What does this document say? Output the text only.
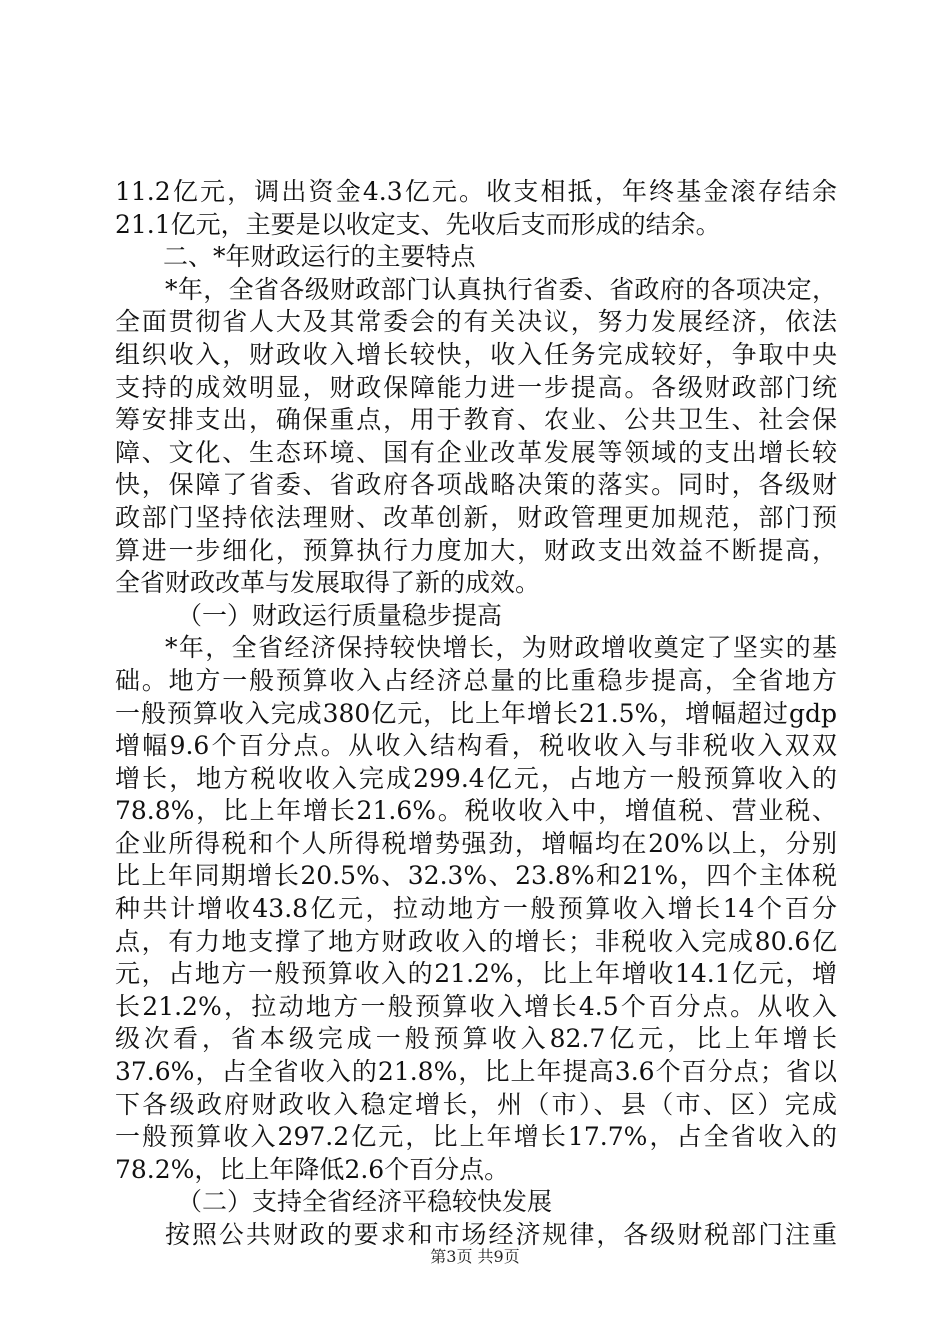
11.2亿元，调出资金4.3亿元。收支相抵，年终基金滚存结余
21.1亿元，主要是以收定支、先收后支而形成的结余。
二、*年财政运行的主要特点
*年，全省各级财政部门认真执行省委、省政府的各项决定，
全面贯彻省人大及其常委会的有关决议，努力发展经济，依法
组织收入，财政收入增长较快，收入任务完成较好，争取中央
支持的成效明显，财政保障能力进一步提高。各级财政部门统
筹安排支出，确保重点，用于教育、农业、公共卫生、社会保
障、文化、生态环境、国有企业改革发展等领域的支出增长较
快，保障了省委、省政府各项战略决策的落实。同时，各级财
政部门坚持依法理财、改革创新，财政管理更加规范，部门预
算进一步细化，预算执行力度加大，财政支出效益不断提高，
全省财政改革与发展取得了新的成效。
（一）财政运行质量稳步提高
*年，全省经济保持较快增长，为财政增收奠定了坚实的基
础。地方一般预算收入占经济总量的比重稳步提高，全省地方
一般预算收入完成380亿元，比上年增长21.5%，增幅超过gdp
增幅9.6个百分点。从收入结构看，税收收入与非税收入双双
增长，地方税收收入完成299.4亿元，占地方一般预算收入的
78.8%，比上年增长21.6%。税收收入中，增值税、营业税、
企业所得税和个人所得税增势强劲，增幅均在20%以上，分别
比上年同期增长20.5%、32.3%、23.8%和21%，四个主体税
种共计增收43.8亿元，拉动地方一般预算收入增长14个百分
点，有力地支撑了地方财政收入的增长；非税收入完成80.6亿
元，占地方一般预算收入的21.2%，比上年增收14.1亿元，增
长21.2%，拉动地方一般预算收入增长4.5个百分点。从收入
级次看，省本级完成一般预算收入82.7亿元，比上年增长
37.6%，占全省收入的21.8%，比上年提高3.6个百分点；省以
下各级政府财政收入稳定增长，州（市）、县（市、区）完成
一般预算收入297.2亿元，比上年增长17.7%，占全省收入的
78.2%，比上年降低2.6个百分点。
（二）支持全省经济平稳较快发展
按照公共财政的要求和市场经济规律，各级财税部门注重
第3页 共9页
